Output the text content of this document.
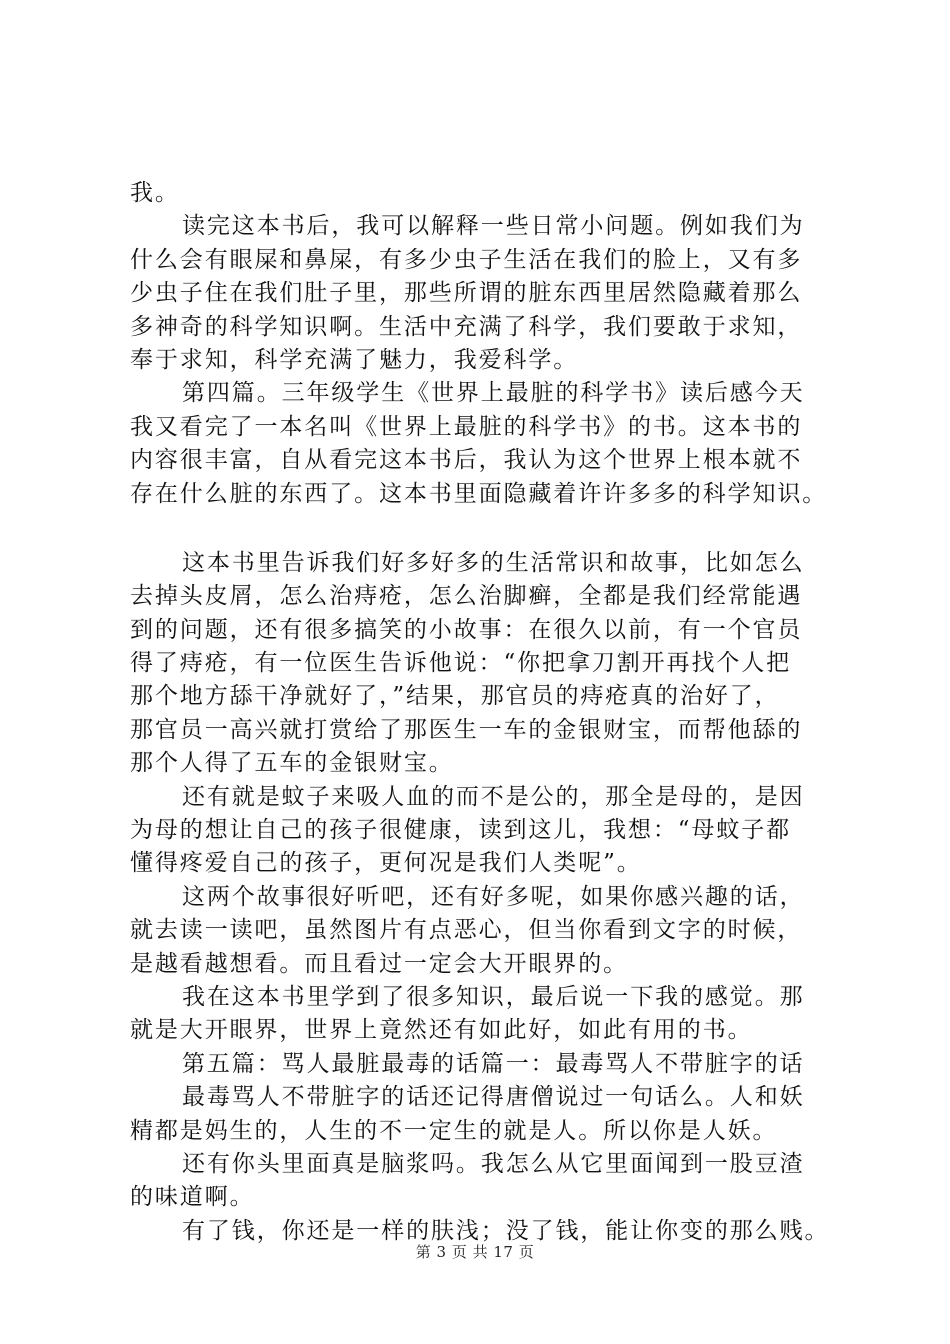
我。
读完这本书后，我可以解释一些日常小问题。例如我们为
什么会有眼屎和鼻屎，有多少虫子生活在我们的脸上，又有多
少虫子住在我们肚子里，那些所谓的脏东西里居然隐藏着那么
多神奇的科学知识啊。生活中充满了科学，我们要敢于求知，
奉于求知，科学充满了魅力，我爱科学。
第四篇。三年级学生《世界上最脏的科学书》读后感今天
我又看完了一本名叫《世界上最脏的科学书》的书。这本书的
内容很丰富，自从看完这本书后，我认为这个世界上根本就不
存在什么脏的东西了。这本书里面隐藏着许许多多的科学知识。
这本书里告诉我们好多好多的生活常识和故事，比如怎么
去掉头皮屑，怎么治痔疮，怎么治脚癣，全都是我们经常能遇
到的问题，还有很多搞笑的小故事：在很久以前，有一个官员
得了痔疮，有一位医生告诉他说：“你把拿刀割开再找个人把
那个地方舔干净就好了，”结果，那官员的痔疮真的治好了，
那官员一高兴就打赏给了那医生一车的金银财宝，而帮他舔的
那个人得了五车的金银财宝。
还有就是蚊子来吸人血的而不是公的，那全是母的，是因
为母的想让自己的孩子很健康，读到这儿，我想：“母蚊子都
懂得疼爱自己的孩子，更何况是我们人类呢”。
这两个故事很好听吧，还有好多呢，如果你感兴趣的话，
就去读一读吧，虽然图片有点恶心，但当你看到文字的时候，
是越看越想看。而且看过一定会大开眼界的。
我在这本书里学到了很多知识，最后说一下我的感觉。那
就是大开眼界，世界上竟然还有如此好，如此有用的书。
第五篇：骂人最脏最毒的话篇一：最毒骂人不带脏字的话
最毒骂人不带脏字的话还记得唐僧说过一句话么。人和妖
精都是妈生的，人生的不一定生的就是人。所以你是人妖。
还有你头里面真是脑浆吗。我怎么从它里面闻到一股豆渣
的味道啊。
有了钱，你还是一样的肤浅；没了钱，能让你变的那么贱。
第 3 页 共 17 页
